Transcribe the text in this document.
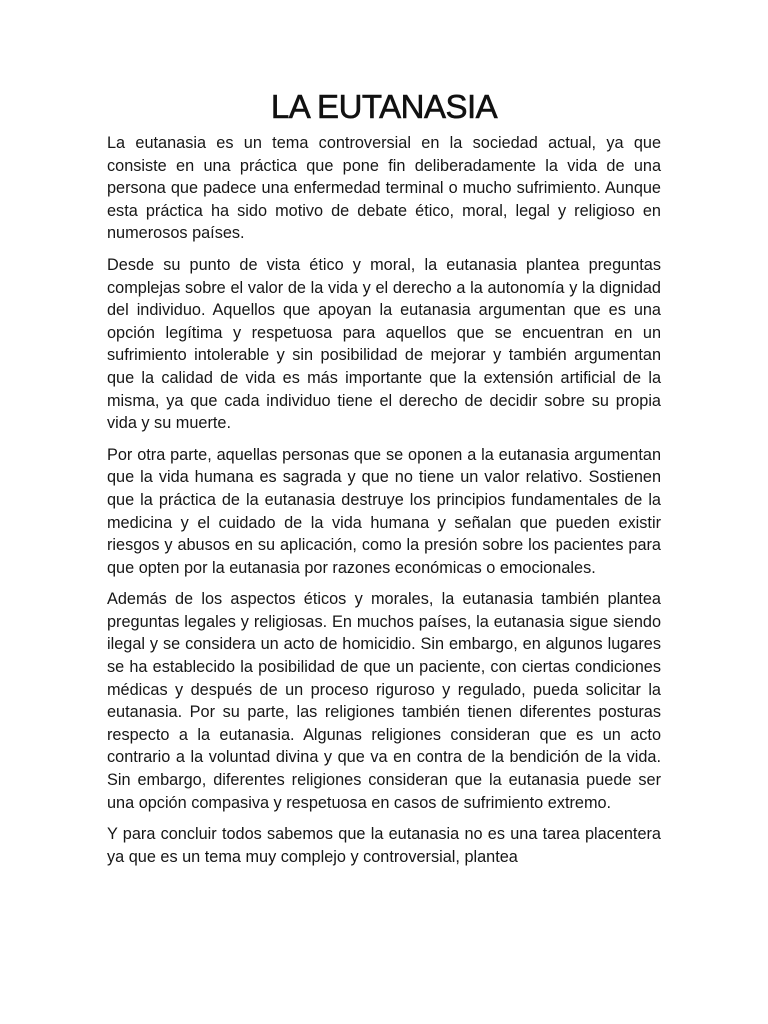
LA EUTANASIA

La eutanasia es un tema controversial en la sociedad actual, ya que consiste en una práctica que pone fin deliberadamente la vida de una persona que padece una enfermedad terminal o mucho sufrimiento. Aunque esta práctica ha sido motivo de debate ético, moral, legal y religioso en numerosos países.

Desde su punto de vista ético y moral, la eutanasia plantea preguntas complejas sobre el valor de la vida y el derecho a la autonomía y la dignidad del individuo. Aquellos que apoyan la eutanasia argumentan que es una opción legítima y respetuosa para aquellos que se encuentran en un sufrimiento intolerable y sin posibilidad de mejorar y también argumentan que la calidad de vida es más importante que la extensión artificial de la misma, ya que cada individuo tiene el derecho de decidir sobre su propia vida y su muerte.

Por otra parte, aquellas personas que se oponen a la eutanasia argumentan que la vida humana es sagrada y que no tiene un valor relativo. Sostienen que la práctica de la eutanasia destruye los principios fundamentales de la medicina y el cuidado de la vida humana y señalan que pueden existir riesgos y abusos en su aplicación, como la presión sobre los pacientes para que opten por la eutanasia por razones económicas o emocionales.

Además de los aspectos éticos y morales, la eutanasia también plantea preguntas legales y religiosas. En muchos países, la eutanasia sigue siendo ilegal y se considera un acto de homicidio. Sin embargo, en algunos lugares se ha establecido la posibilidad de que un paciente, con ciertas condiciones médicas y después de un proceso riguroso y regulado, pueda solicitar la eutanasia. Por su parte, las religiones también tienen diferentes posturas respecto a la eutanasia. Algunas religiones consideran que es un acto contrario a la voluntad divina y que va en contra de la bendición de la vida. Sin embargo, diferentes religiones consideran que la eutanasia puede ser una opción compasiva y respetuosa en casos de sufrimiento extremo.

Y para concluir todos sabemos que la eutanasia no es una tarea placentera ya que es un tema muy complejo y controversial, plantea
